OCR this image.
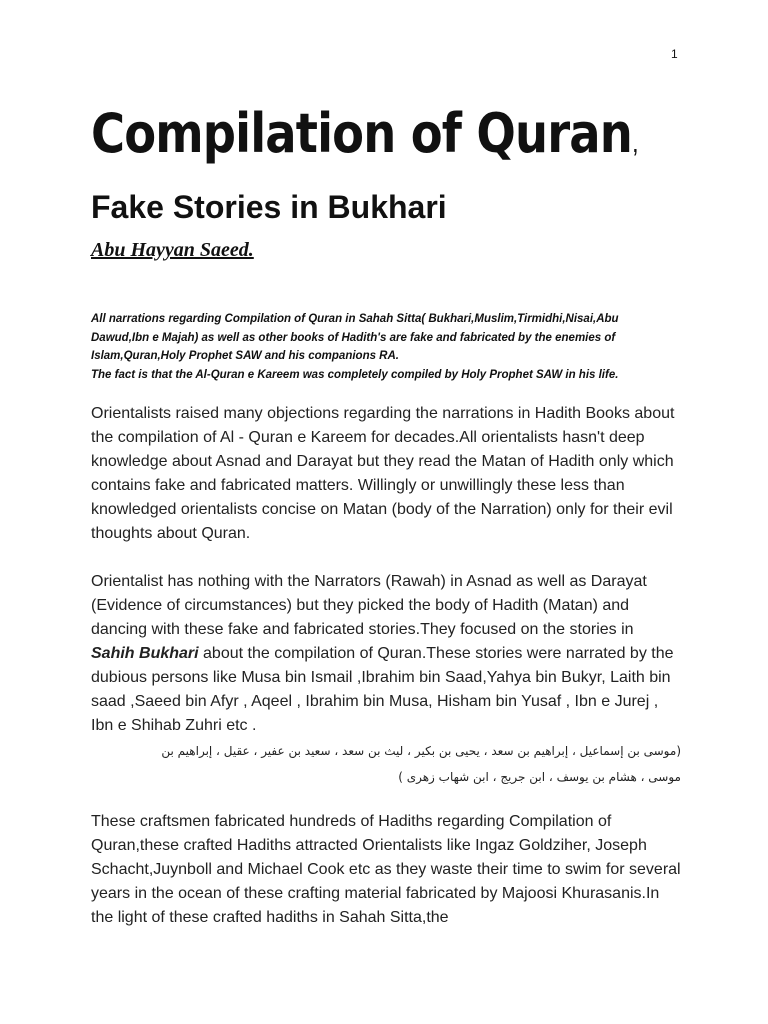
1
Compilation of Quran,
Fake Stories in Bukhari
Abu Hayyan Saeed.

All narrations regarding Compilation of Quran in Sahah Sitta( Bukhari,Muslim,Tirmidhi,Nisai,Abu Dawud,Ibn e Majah) as well as other books of Hadith's are fake and fabricated by the enemies of Islam,Quran,Holy Prophet SAW and his companions RA.

The fact is that the Al-Quran e Kareem was completely compiled by Holy Prophet SAW in his life.

Orientalists raised many objections regarding the narrations in Hadith Books about the compilation of Al - Quran e Kareem for decades.All orientalists hasn't deep knowledge about Asnad and Darayat but they read the Matan of Hadith only which contains fake and fabricated matters. Willingly or unwillingly these less than knowledged orientalists concise on Matan (body of the Narration) only for their evil thoughts about Quran.

Orientalist has nothing with the Narrators (Rawah) in Asnad as well as Darayat (Evidence of circumstances) but they picked the body of Hadith (Matan) and dancing with these fake and fabricated stories.They focused on the stories in Sahih Bukhari about the compilation of Quran.These stories were narrated by the dubious persons like Musa bin Ismail ,Ibrahim bin Saad,Yahya bin Bukyr, Laith bin saad ,Saeed bin Afyr , Aqeel , Ibrahim bin Musa, Hisham bin Yusaf , Ibn e Jurej , Ibn e Shihab Zuhri etc .
(موسی بن إسماعیل ، إبراهیم بن سعد ، یحیی بن بکیر ، لیث بن سعد ، سعید بن عفیر ، عقیل ، إبراهیم بن
موسی ، هشام بن یوسف ، ابن جریج ، ابن شهاب زهری )

These craftsmen fabricated hundreds of Hadiths regarding Compilation of Quran,these crafted Hadiths attracted Orientalists like Ingaz Goldziher, Joseph Schacht,Juynboll and Michael Cook etc as they waste their time to swim for several years in the ocean of these crafting material fabricated by Majoosi Khurasanis.In the light of these crafted hadiths in Sahah Sitta,the
